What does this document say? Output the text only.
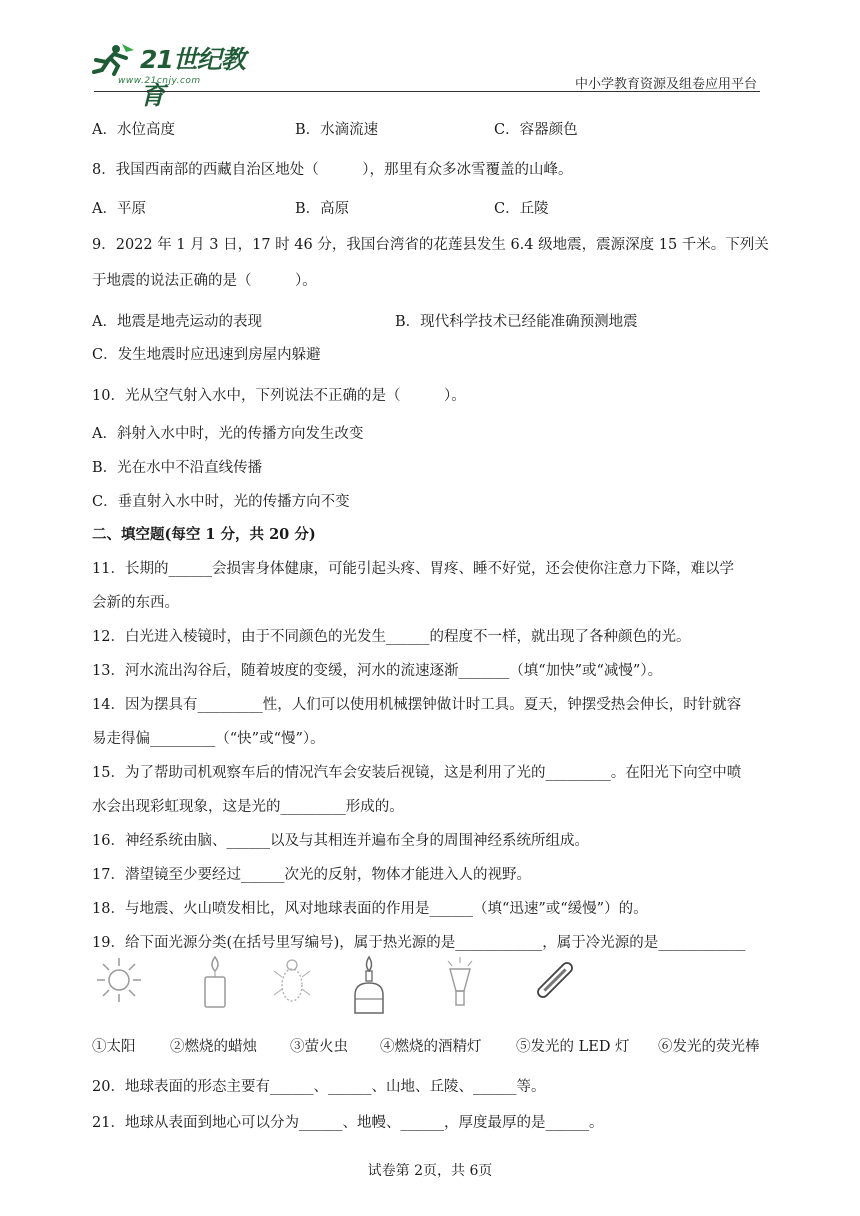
21世纪教育
www.21cnjy.com	中小学教育资源及组卷应用平台
A．水位高度	B．水滴流速	C．容器颜色
8．我国西南部的西藏自治区地处（　　　），那里有众多冰雪覆盖的山峰。
A．平原	B．高原	C．丘陵
9．2022 年 1 月 3 日，17 时 46 分，我国台湾省的花莲县发生 6.4 级地震，震源深度 15 千米。下列关
于地震的说法正确的是（　　　）。
A．地震是地壳运动的表现	B．现代科学技术已经能准确预测地震
C．发生地震时应迅速到房屋内躲避
10．光从空气射入水中，下列说法不正确的是（　　　）。
A．斜射入水中时，光的传播方向发生改变
B．光在水中不沿直线传播
C．垂直射入水中时，光的传播方向不变
二、填空题(每空 1 分，共 20 分)
11．长期的______会损害身体健康，可能引起头疼、胃疼、睡不好觉，还会使你注意力下降，难以学
会新的东西。
12．白光进入棱镜时，由于不同颜色的光发生______的程度不一样，就出现了各种颜色的光。
13．河水流出沟谷后，随着坡度的变缓，河水的流速逐渐_______（填“加快”或“减慢”）。
14．因为摆具有_________性，人们可以使用机械摆钟做计时工具。夏天，钟摆受热会伸长，时针就容
易走得偏_________（“快”或“慢”）。
15．为了帮助司机观察车后的情况汽车会安装后视镜，这是利用了光的_________。在阳光下向空中喷
水会出现彩虹现象，这是光的_________形成的。
16．神经系统由脑、______以及与其相连并遍布全身的周围神经系统所组成。
17．潜望镜至少要经过______次光的反射，物体才能进入人的视野。
18．与地震、火山喷发相比，风对地球表面的作用是______（填“迅速”或“缓慢”）的。
19．给下面光源分类(在括号里写编号)，属于热光源的是____________，属于冷光源的是____________
①太阳 ②燃烧的蜡烛 ③萤火虫 ④燃烧的酒精灯 ⑤发光的 LED 灯 ⑥发光的荧光棒
20．地球表面的形态主要有______、______、山地、丘陵、______等。
21．地球从表面到地心可以分为______、地幔、______，厚度最厚的是______。
试卷第 2页，共 6页
